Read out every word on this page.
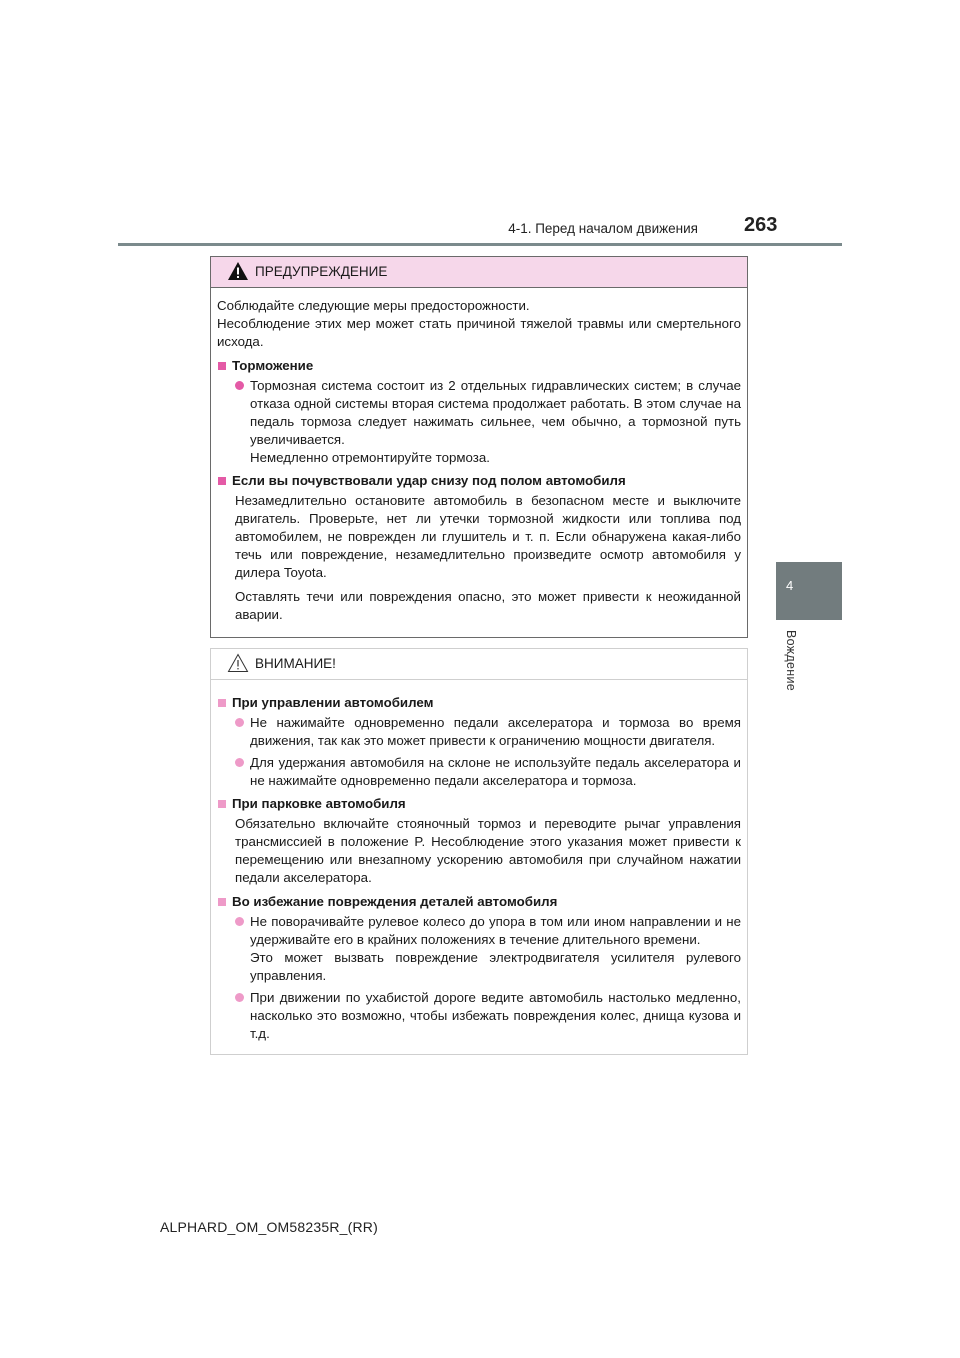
4-1. Перед началом движения 263
4
Вождение
ПРЕДУПРЕЖДЕНИЕ

Соблюдайте следующие меры предосторожности.

Несоблюдение этих мер может стать причиной тяжелой травмы или смертельного исхода.

Торможение
Тормозная система состоит из 2 отдельных гидравлических систем; в случае отказа одной системы вторая система продолжает работать. В этом случае на педаль тормоза следует нажимать сильнее, чем обычно, а тормозной путь увеличивается.
Немедленно отремонтируйте тормоза.
Если вы почувствовали удар снизу под полом автомобиля

Незамедлительно остановите автомобиль в безопасном месте и выключите двигатель. Проверьте, нет ли утечки тормозной жидкости или топлива под автомобилем, не поврежден ли глушитель и т. п. Если обнаружена какая-либо течь или повреждение, незамедлительно произведите осмотр автомобиля у дилера Toyota.

Оставлять течи или повреждения опасно, это может привести к неожиданной аварии.

ВНИМАНИЕ!
При управлении автомобилем
Не нажимайте одновременно педали акселератора и тормоза во время движения, так как это может привести к ограничению мощности двигателя.
Для удержания автомобиля на склоне не используйте педаль акселератора и не нажимайте одновременно педали акселератора и тормоза.
При парковке автомобиля

Обязательно включайте стояночный тормоз и переводите рычаг управления трансмиссией в положение P. Несоблюдение этого указания может привести к перемещению или внезапному ускорению автомобиля при случайном нажатии педали акселератора.

Во избежание повреждения деталей автомобиля
Не поворачивайте рулевое колесо до упора в том или ином направлении и не удерживайте его в крайних положениях в течение длительного времени.
Это может вызвать повреждение электродвигателя усилителя рулевого управления.
При движении по ухабистой дороге ведите автомобиль настолько медленно, насколько это возможно, чтобы избежать повреждения колес, днища кузова и т.д.
ALPHARD_OM_OM58235R_(RR)
